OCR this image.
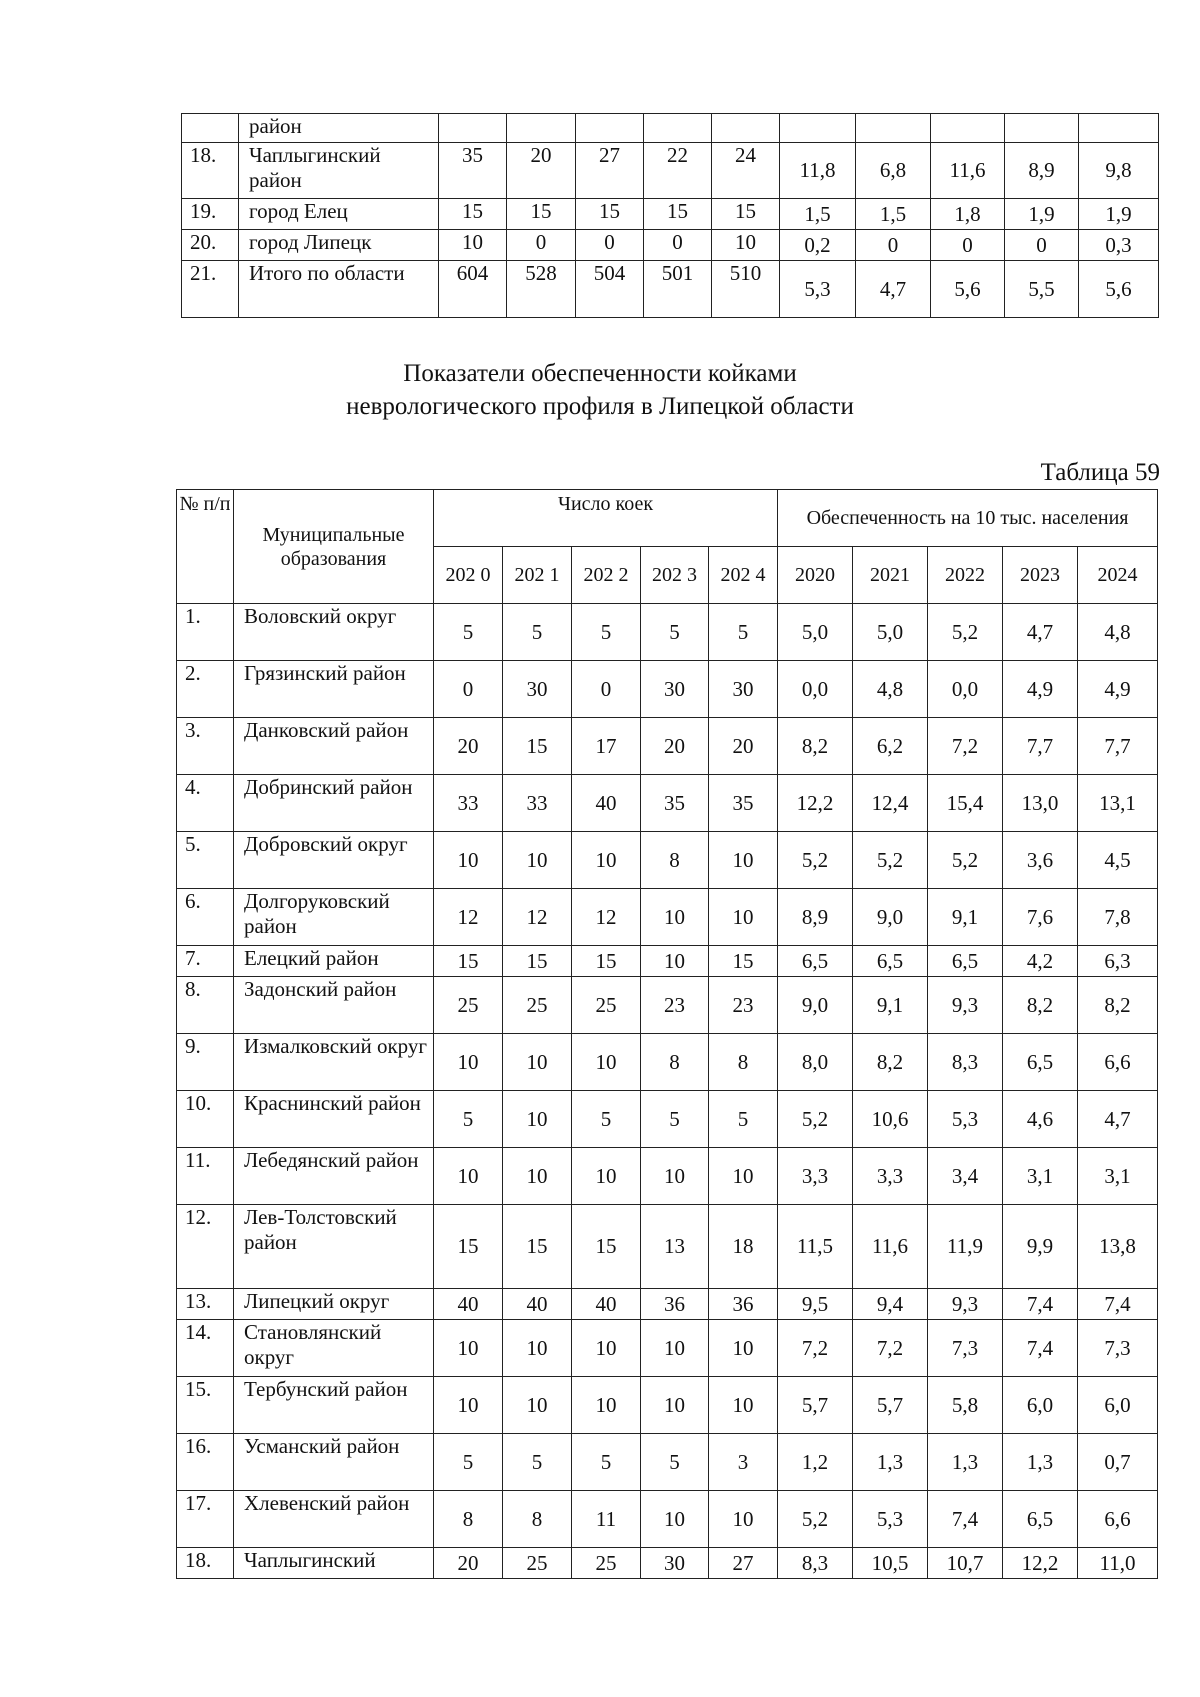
	район										
18.	Чаплыгинский район	35	20	27	22	24	11,8	6,8	11,6	8,9	9,8
19.	город Елец	15	15	15	15	15	1,5	1,5	1,8	1,9	1,9
20.	город Липецк	10	0	0	0	10	0,2	0	0	0	0,3
21.	Итого по области	604	528	504	501	510	5,3	4,7	5,6	5,5	5,6
Показатели обеспеченности койками
неврологического профиля в Липецкой области
Таблица 59
№ п/п	Муниципальные образования	Число коек					Обеспеченность на 10 тыс. населения				
		202 0	202 1	202 2	202 3	202 4	2020	2021	2022	2023	2024
1.	Воловский округ	5	5	5	5	5	5,0	5,0	5,2	4,7	4,8
2.	Грязинский район	0	30	0	30	30	0,0	4,8	0,0	4,9	4,9
3.	Данковский район	20	15	17	20	20	8,2	6,2	7,2	7,7	7,7
4.	Добринский район	33	33	40	35	35	12,2	12,4	15,4	13,0	13,1
5.	Добровский округ	10	10	10	8	10	5,2	5,2	5,2	3,6	4,5
6.	Долгоруковский район	12	12	12	10	10	8,9	9,0	9,1	7,6	7,8
7.	Елецкий район	15	15	15	10	15	6,5	6,5	6,5	4,2	6,3
8.	Задонский район	25	25	25	23	23	9,0	9,1	9,3	8,2	8,2
9.	Измалковский округ	10	10	10	8	8	8,0	8,2	8,3	6,5	6,6
10.	Краснинский район	5	10	5	5	5	5,2	10,6	5,3	4,6	4,7
11.	Лебедянский район	10	10	10	10	10	3,3	3,3	3,4	3,1	3,1
12.	Лев-Толстовский район	15	15	15	13	18	11,5	11,6	11,9	9,9	13,8
13.	Липецкий округ	40	40	40	36	36	9,5	9,4	9,3	7,4	7,4
14.	Становлянский округ	10	10	10	10	10	7,2	7,2	7,3	7,4	7,3
15.	Тербунский район	10	10	10	10	10	5,7	5,7	5,8	6,0	6,0
16.	Усманский район	5	5	5	5	3	1,2	1,3	1,3	1,3	0,7
17.	Хлевенский район	8	8	11	10	10	5,2	5,3	7,4	6,5	6,6
18.	Чаплыгинский	20	25	25	30	27	8,3	10,5	10,7	12,2	11,0
